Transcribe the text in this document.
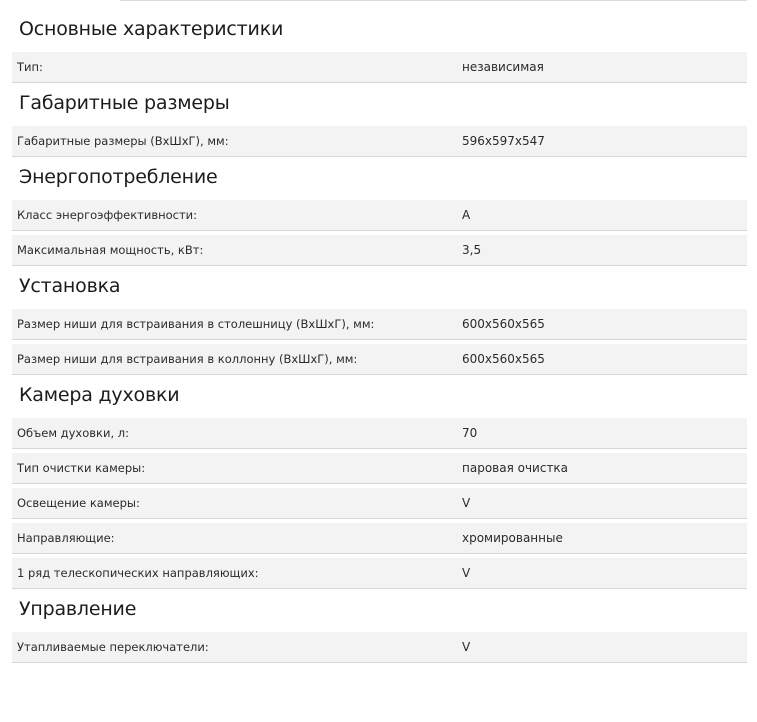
Основные характеристики
Тип:	независимая
Габаритные размеры
Габаритные размеры (ВхШхГ), мм:	596x597x547
Энергопотребление
Класс энергоэффективности:	A
Максимальная мощность, кВт:	3,5
Установка
Размер ниши для встраивания в столешницу (ВхШхГ), мм:	600x560x565
Размер ниши для встраивания в коллонну (ВхШхГ), мм:	600x560x565
Камера духовки
Объем духовки, л:	70
Тип очистки камеры:	паровая очистка
Освещение камеры:	V
Направляющие:	хромированные
1 ряд телескопических направляющих:	V
Управление
Утапливаемые переключатели:	V
